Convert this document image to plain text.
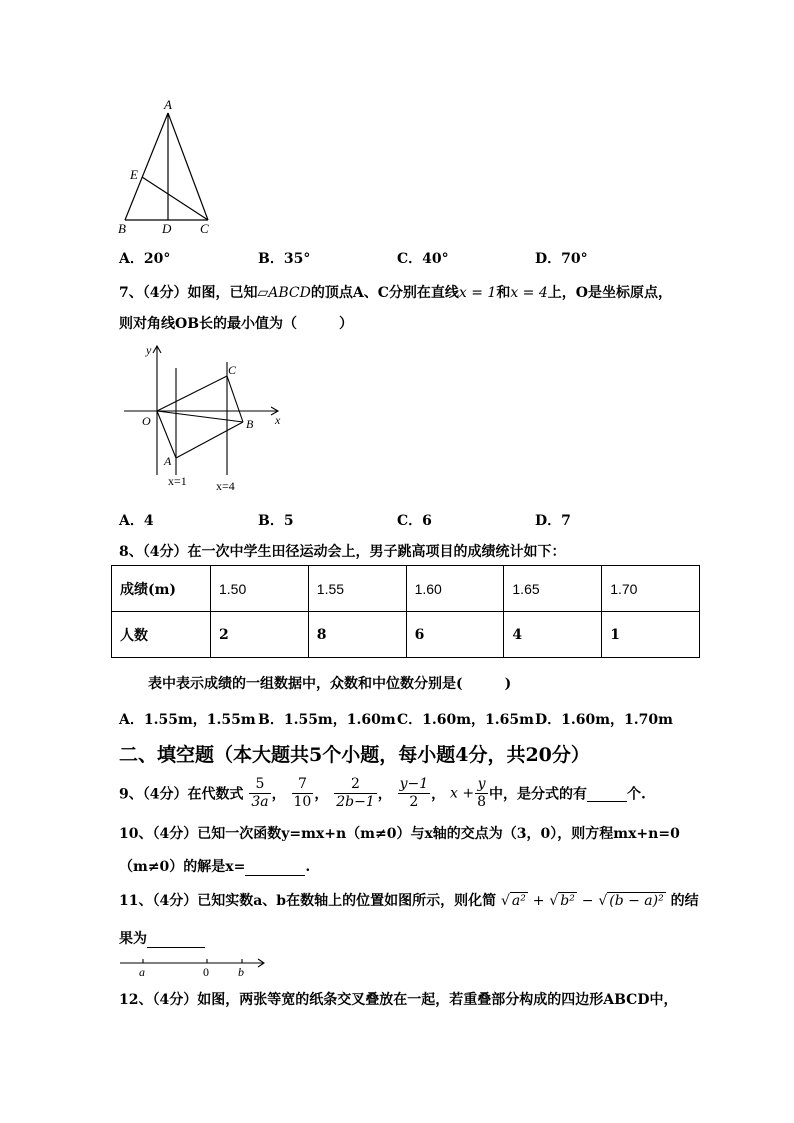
A
E
B	D C
A．20°	B．35°	C．40°	D．70°
7、（4分）如图，已知▱ABCD的顶点A、C分别在直线x = 1和x = 4上，O是坐标原点，
则对角线OB长的最小值为（　　　）
y
x
O
A
B
C
x=1 x=4
A．4	B．5	C．6	D．7
8、（4分）在一次中学生田径运动会上，男子跳高项目的成绩统计如下：
成绩(m)	1.50	1.55	1.60	1.65	1.70
人数	2	8	6	4	1
表中表示成绩的一组数据中，众数和中位数分别是(　　　)
A．1.55m，1.55m B．1.55m，1.60m C．1.60m，1.65m D．1.60m，1.70m
二、填空题（本大题共5个小题，每小题4分，共20分）
9、（4分）在代数式 $\frac{5}{3a}$ ， $\frac{7}{10}$ ， $\frac{2}{2b-1}$ ， $\frac{y-1}{2}$ ， $x + \frac{y}{8}$ 中，是分式的有	个.
10、（4分）已知一次函数y=mx+n（m≠0）与x轴的交点为（3，0），则方程mx+n=0
（m≠0）的解是x=	.
11、（4分）已知实数a、b在数轴上的位置如图所示，则化简 √ a² + √ b² − √ (b − a)² 的结
果为
a	0 b
12、（4分）如图，两张等宽的纸条交叉叠放在一起，若重叠部分构成的四边形ABCD中，
